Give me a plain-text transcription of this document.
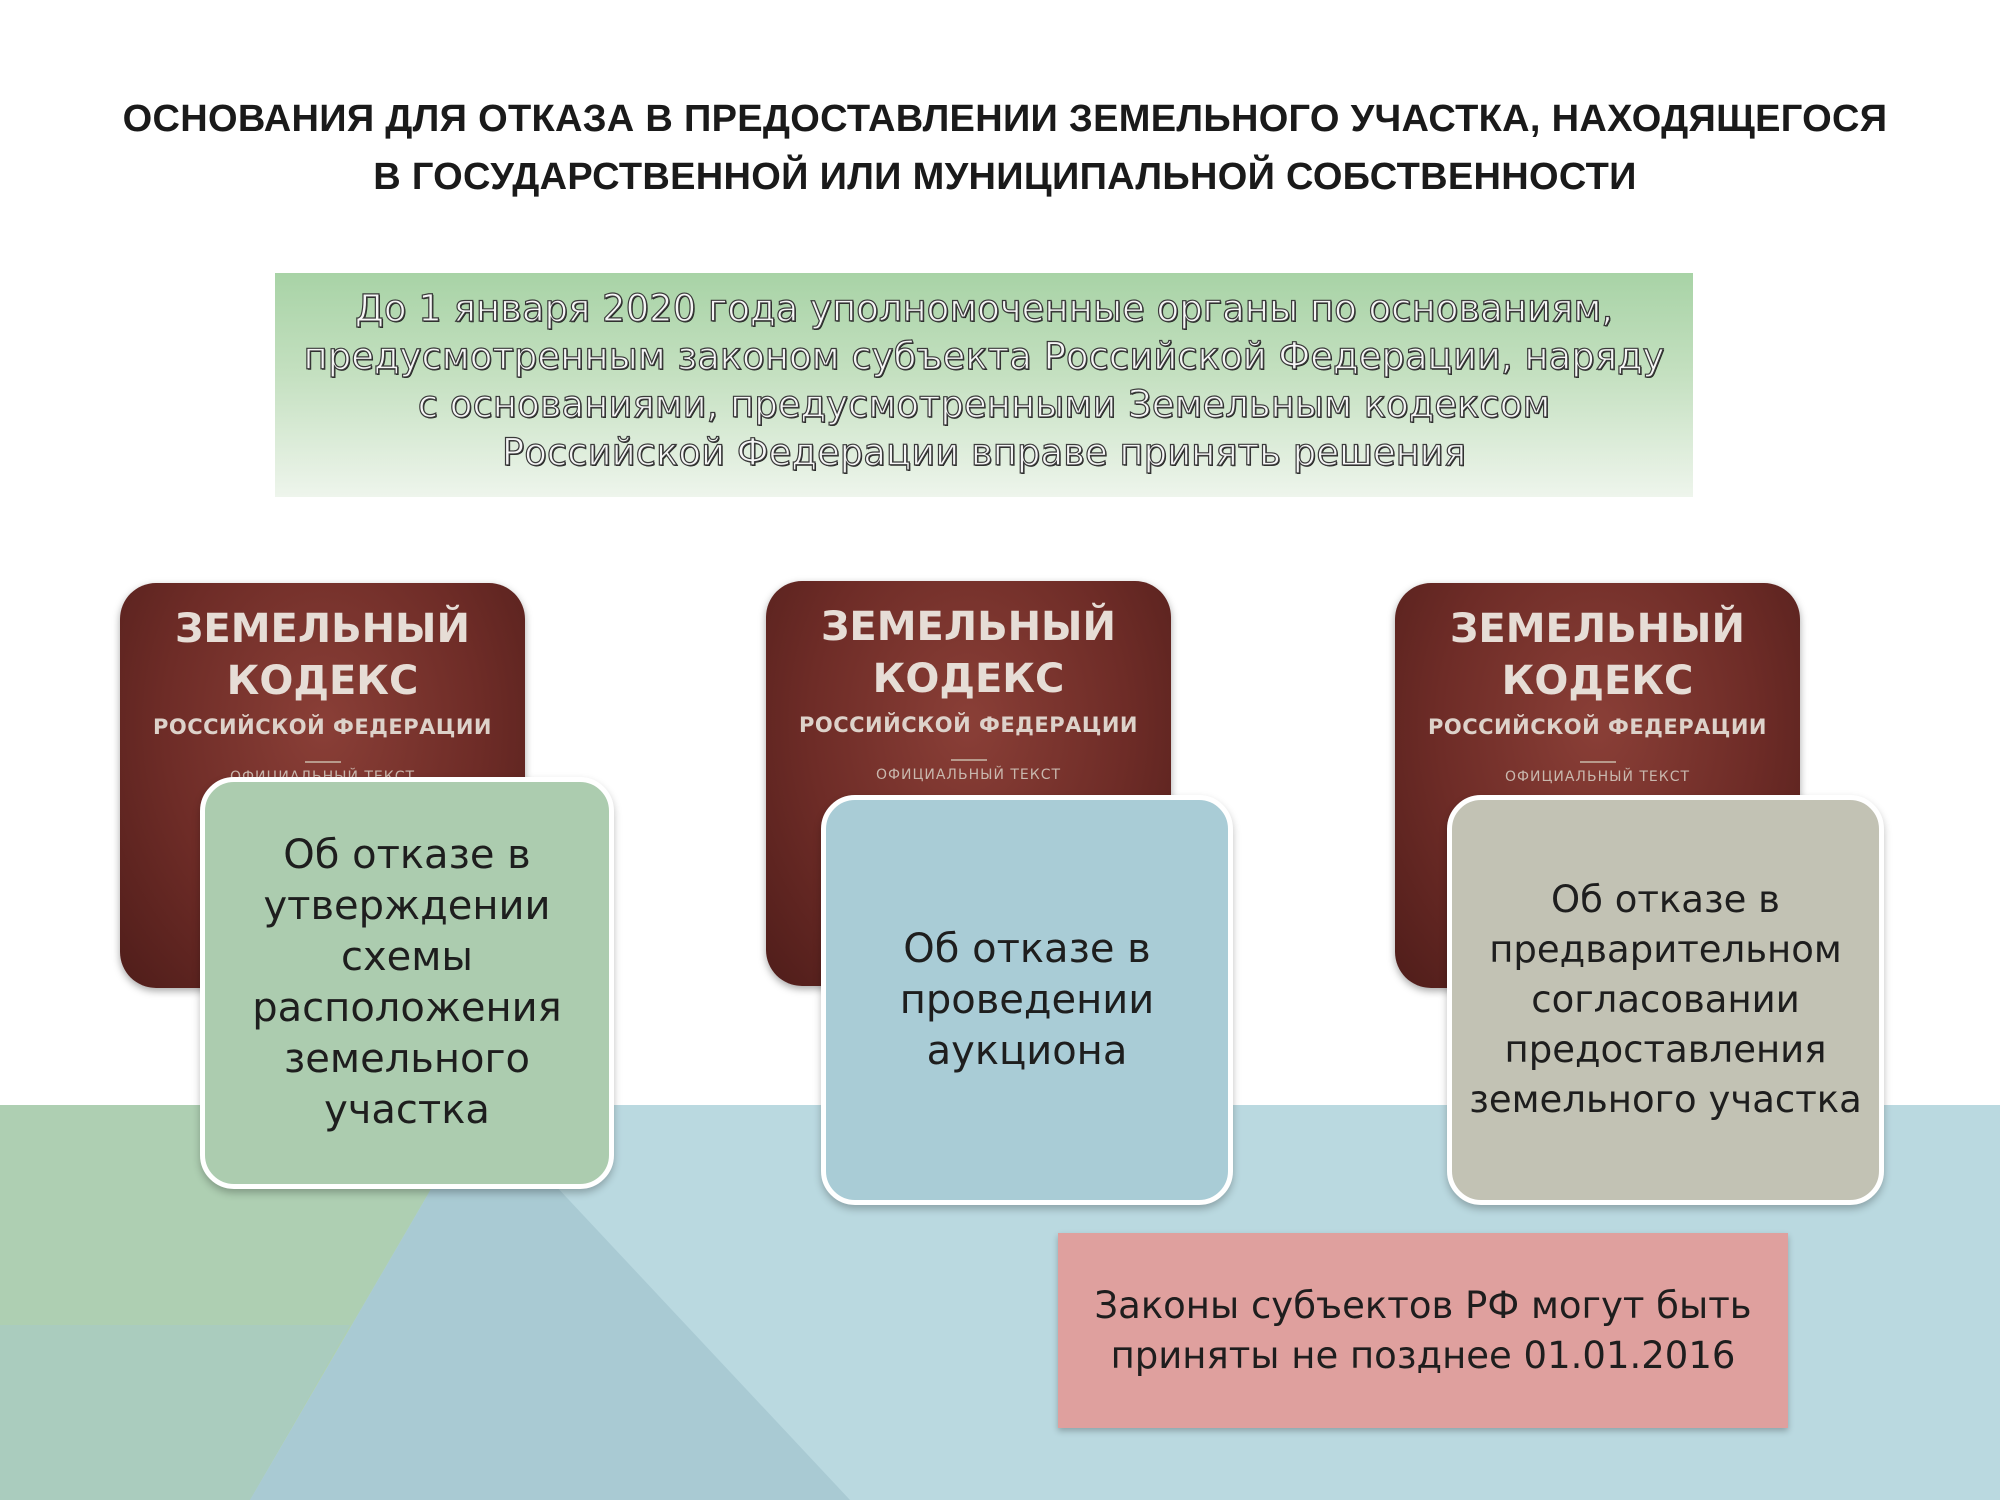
ОСНОВАНИЯ ДЛЯ ОТКАЗА В ПРЕДОСТАВЛЕНИИ ЗЕМЕЛЬНОГО УЧАСТКА, НАХОДЯЩЕГОСЯ
В ГОСУДАРСТВЕННОЙ ИЛИ МУНИЦИПАЛЬНОЙ СОБСТВЕННОСТИ
До 1 января 2020 года уполномоченные органы по основаниям,
предусмотренным законом субъекта Российской Федерации, наряду
с основаниями, предусмотренными Земельным кодексом
Российской Федерации вправе принять решения
ЗЕМЕЛЬНЫЙ
КОДЕКС
РОССИЙСКОЙ ФЕДЕРАЦИИ
ЗЕМЕЛЬНЫЙ
КОДЕКС
РОССИЙСКОЙ ФЕДЕРАЦИИ
ОФИЦИАЛЬНЫЙ ТЕКСТ
ЗЕМЕЛЬНЫЙ
КОДЕКС
РОССИЙСКОЙ ФЕДЕРАЦИИ
ОФИЦИАЛЬНЫЙ ТЕКСТ
Об отказе в
утверждении
схемы
расположения
земельного
участка
Об отказе в
проведении
аукциона
Об отказе в
предварительном
согласовании
предоставления
земельного участка
Законы субъектов РФ могут быть
приняты не позднее 01.01.2016
